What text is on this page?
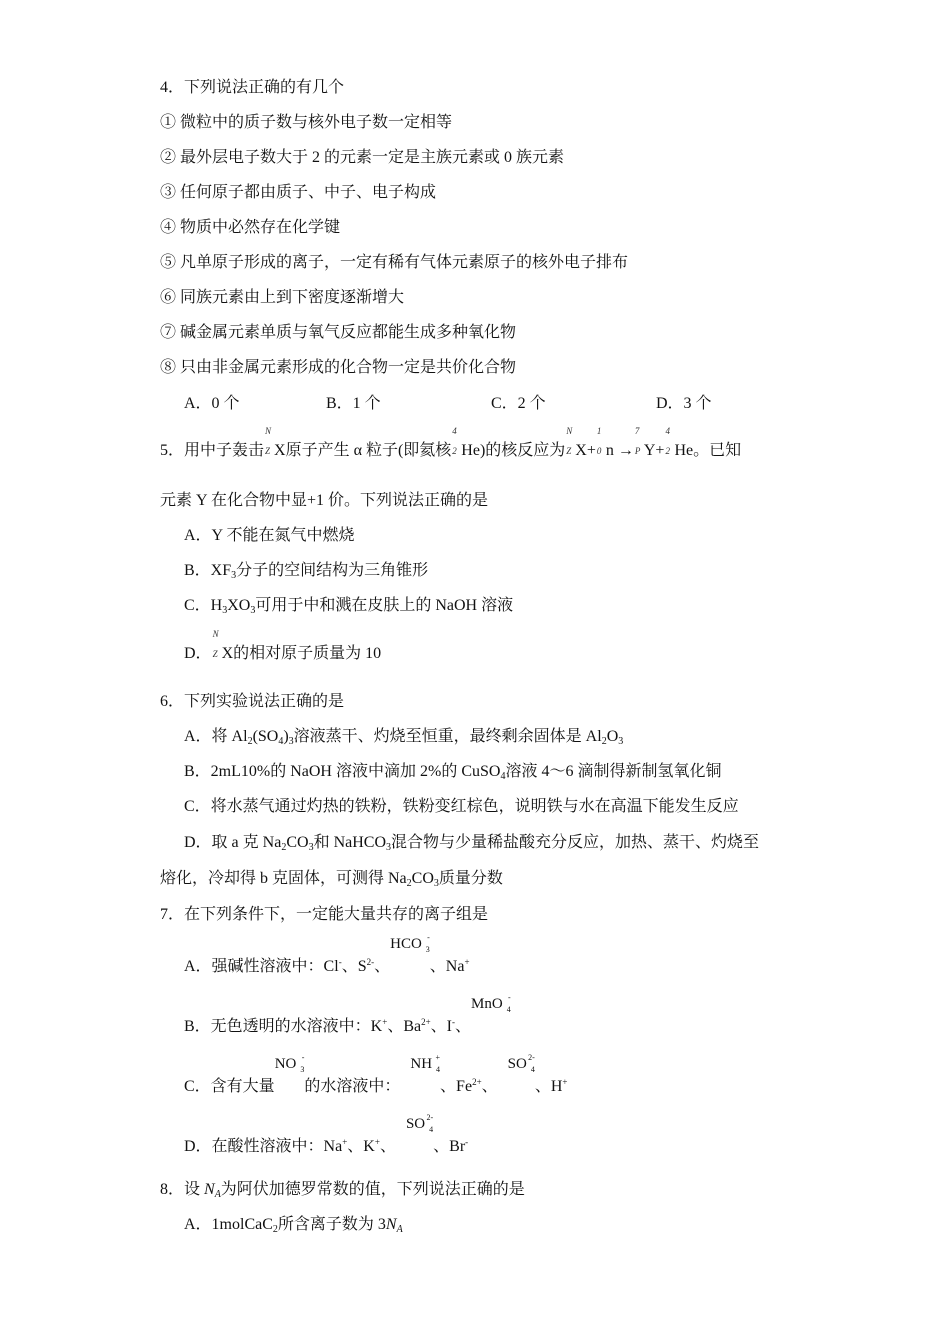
4．下列说法正确的有几个
① 微粒中的质子数与核外电子数一定相等
② 最外层电子数大于 2 的元素一定是主族元素或 0 族元素
③ 任何原子都由质子、中子、电子构成
④ 物质中必然存在化学键
⑤ 凡单原子形成的离子，一定有稀有气体元素原子的核外电子排布
⑥ 同族元素由上到下密度逐渐增大
⑦ 碱金属元素单质与氧气反应都能生成多种氧化物
⑧ 只由非金属元素形成的化合物一定是共价化合物
A．0 个	B．1 个	C．2 个	D．3 个
5．用中子轰击
N
Z X原子产生 α 粒子(即氦核
4
2 He)的核反应为
N
Z X+
1
0 n →
7
P Y+
4
2 He。已知
元素 Y 在化合物中显+1 价。下列说法正确的是
A．Y 不能在氮气中燃烧
B．$XF_3$分子的空间结构为三角锥形
C．$H_3XO_3$可用于中和溅在皮肤上的 NaOH 溶液
D．
N
Z X的相对原子质量为 10
6．下列实验说法正确的是
A．将 $Al_2(SO_4)_3$溶液蒸干、灼烧至恒重，最终剩余固体是 $Al_2O_3$
B．2mL10%的 NaOH 溶液中滴加 2%的 CuSO$_4$溶液 4～6 滴制得新制氢氧化铜
C．将水蒸气通过灼热的铁粉，铁粉变红棕色，说明铁与水在高温下能发生反应
D．取 a 克 $Na_2CO_3$和 NaHCO$_3$混合物与少量稀盐酸充分反应，加热、蒸干、灼烧至
熔化，冷却得 b 克固体，可测得 $Na_2CO_3$质量分数
7．在下列条件下，一定能大量共存的离子组是
A．强碱性溶液中：Cl-、$S^{2-}$、HCO -
3
、Na+
B．无色透明的水溶液中：K+、$Ba^{2+}$、I-、MnO -
4
C．含有大量NO -
3
的水溶液中：NH +
4
、$Fe^{2+}$、SO 2-
4
、H+
D．在酸性溶液中：Na+、K+、SO 2-
4
、Br-
8．设 $N_A$为阿伏加德罗常数的值，下列说法正确的是
A．1molCaC$_2$所含离子数为 $3N_A$
